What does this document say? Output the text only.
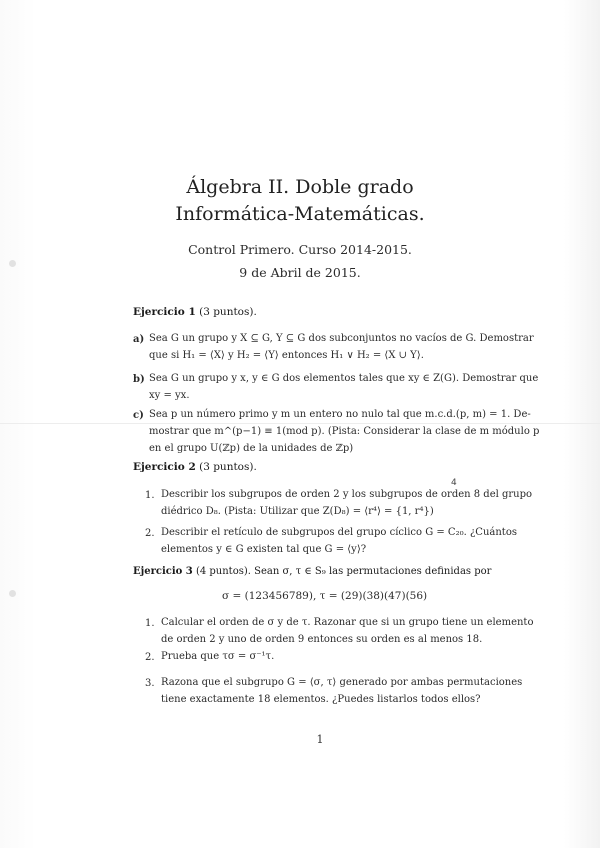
Álgebra II. Doble grado
Informática-Matemáticas.
Control Primero. Curso 2014-2015.
9 de Abril de 2015.
Ejercicio 1 (3 puntos).
a) Sea G un grupo y X ⊆ G, Y ⊆ G dos subconjuntos no vacíos de G. Demostrar
que si H₁ = ⟨X⟩ y H₂ = ⟨Y⟩ entonces H₁ ∨ H₂ = ⟨X ∪ Y⟩.
b) Sea G un grupo y x, y ∈ G dos elementos tales que xy ∈ Z(G). Demostrar que
xy = yx.
c) Sea p un número primo y m un entero no nulo tal que m.c.d.(p, m) = 1. De-
mostrar que m^(p−1) ≡ 1(mod p). (Pista: Considerar la clase de m módulo p
en el grupo U(ℤp) de la unidades de ℤp)
Ejercicio 2 (3 puntos).
4
1. Describir los subgrupos de orden 2 y los subgrupos de orden 8 del grupo
diédrico D₈. (Pista: Utilizar que Z(D₈) = ⟨r⁴⟩ = {1, r⁴})
2. Describir el retículo de subgrupos del grupo cíclico G = C₂₀. ¿Cuántos
elementos y ∈ G existen tal que G = ⟨y⟩?
Ejercicio 3 (4 puntos). Sean σ, τ ∈ S₉ las permutaciones definidas por
σ = (123456789), τ = (29)(38)(47)(56)
1. Calcular el orden de σ y de τ. Razonar que si un grupo tiene un elemento
de orden 2 y uno de orden 9 entonces su orden es al menos 18.
2. Prueba que τσ = σ⁻¹τ.
3. Razona que el subgrupo G = ⟨σ, τ⟩ generado por ambas permutaciones
tiene exactamente 18 elementos. ¿Puedes listarlos todos ellos?
1
